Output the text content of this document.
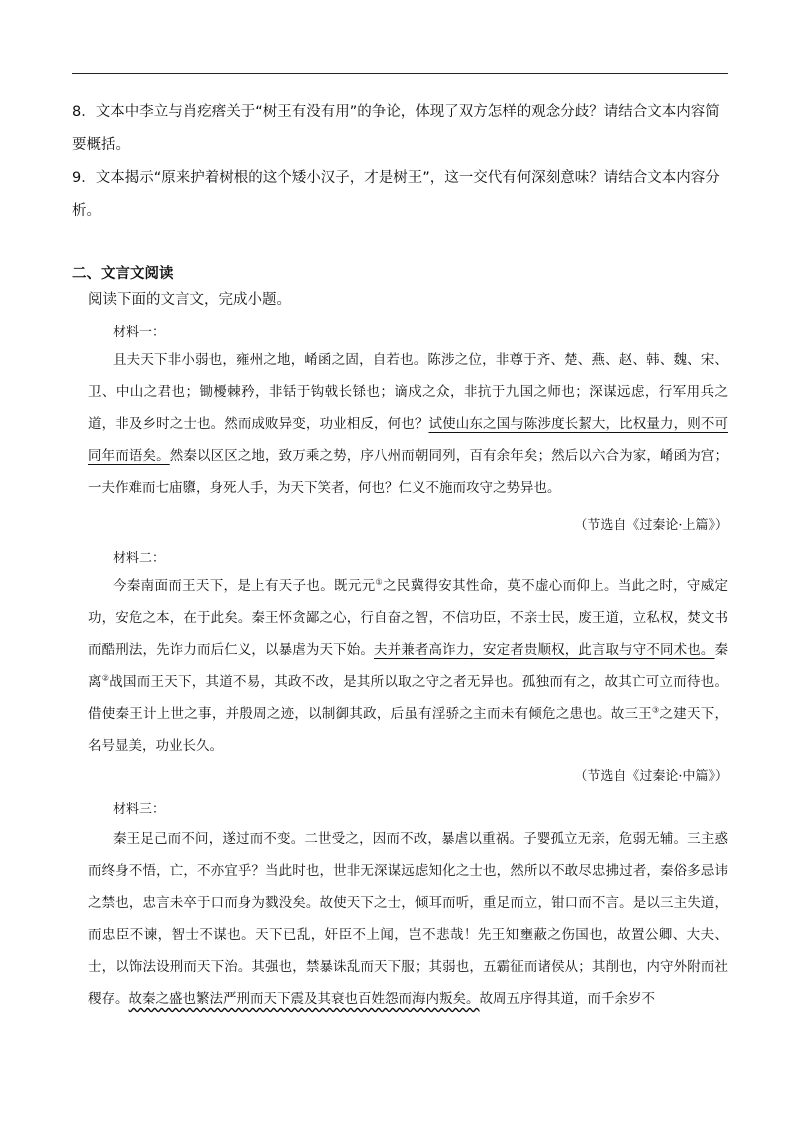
8．文本中李立与肖疙瘩关于“树王有没有用”的争论，体现了双方怎样的观念分歧？请结合文本内容简要概括。
9．文本揭示“原来护着树根的这个矮小汉子，才是树王”，这一交代有何深刻意味？请结合文本内容分析。
二、文言文阅读
阅读下面的文言文，完成小题。
材料一：
且夫天下非小弱也，雍州之地，崤函之固，自若也。陈涉之位，非尊于齐、楚、燕、赵、韩、魏、宋、卫、中山之君也；锄櫌棘矜，非铦于钩戟长铩也；谪戍之众，非抗于九国之师也；深谋远虑，行军用兵之道，非及乡时之士也。然而成败异变，功业相反，何也？试使山东之国与陈涉度长絜大，比权量力，则不可同年而语矣。然秦以区区之地，致万乘之势，序八州而朝同列，百有余年矣；然后以六合为家，崤函为宫；一夫作难而七庙隳，身死人手，为天下笑者，何也？仁义不施而攻守之势异也。
（节选自《过秦论·上篇》）
材料二：
今秦南面而王天下，是上有天子也。既元元①之民冀得安其性命，莫不虚心而仰上。当此之时，守威定功，安危之本，在于此矣。秦王怀贪鄙之心，行自奋之智，不信功臣，不亲士民，废王道，立私权，焚文书而酷刑法，先诈力而后仁义，以暴虐为天下始。夫并兼者高诈力，安定者贵顺权，此言取与守不同术也。秦离②战国而王天下，其道不易，其政不改，是其所以取之守之者无异也。孤独而有之，故其亡可立而待也。借使秦王计上世之事，并殷周之迹，以制御其政，后虽有淫骄之主而未有倾危之患也。故三王③之建天下，名号显美，功业长久。
（节选自《过秦论·中篇》）
材料三：
秦王足己而不问，遂过而不变。二世受之，因而不改，暴虐以重祸。子婴孤立无亲，危弱无辅。三主惑而终身不悟，亡，不亦宜乎？当此时也，世非无深谋远虑知化之士也，然所以不敢尽忠拂过者，秦俗多忌讳之禁也，忠言未卒于口而身为戮没矣。故使天下之士，倾耳而听，重足而立，钳口而不言。是以三主失道，而忠臣不谏，智士不谋也。天下已乱，奸臣不上闻，岂不悲哉！先王知壅蔽之伤国也，故置公卿、大夫、士，以饰法设刑而天下治。其强也，禁暴诛乱而天下服；其弱也，五霸征而诸侯从；其削也，内守外附而社稷存。故秦之盛也繁法严刑而天下震及其衰也百姓怨而海内叛矣。故周五序得其道，而千余岁不
